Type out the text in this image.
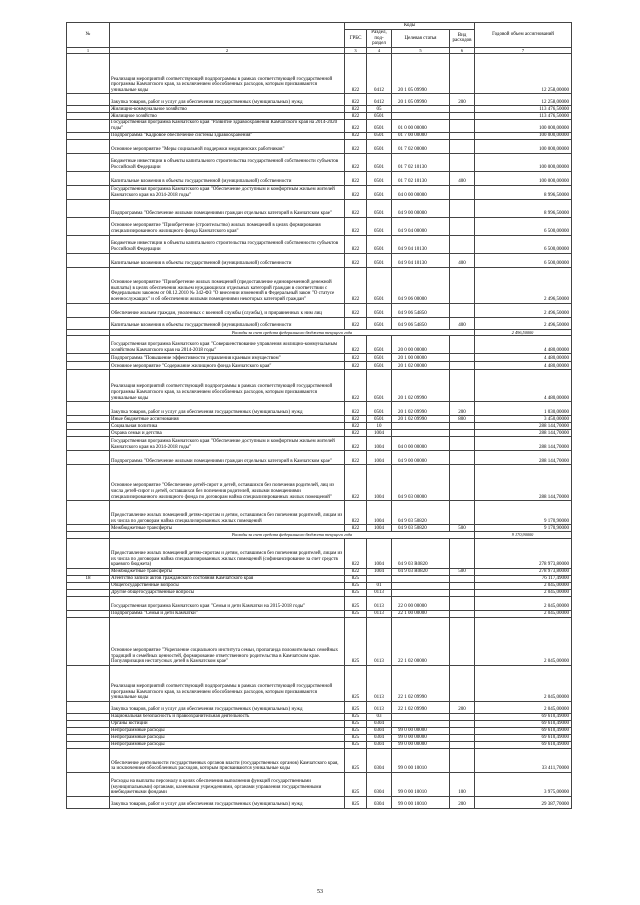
№		Коды				Годовой объем ассигнований
		ГРБС	Раздел, под-раздел	Целевая статья	Вид расходов	
1	2	3	4	5	6	7
	Реализация мероприятий соответствующей подпрограммы в рамках соответствующей государственной программы Камчатского края, за исключением обособленных расходов, которым присваиваются уникальные коды	822	0412	20 1 05 09990		12 258,00000
	Закупка товаров, работ и услуг для обеспечения государственных (муниципальных) нужд	822	0412	20 1 05 09990	200	12 258,00000
	Жилищно-коммунальное хозяйство	822	05			113 476,50000
	Жилищное хозяйство	822	0501			113 476,50000
	Государственная программа Камчатского края "Развитие здравоохранения Камчатского края на 2014-2020 годы"	822	0501	01 0 00 00000		100 000,00000
	Подпрограмма "Кадровое обеспечение системы здравоохранения"	822	0501	01 7 00 00000		100 000,00000
	Основное мероприятие "Меры социальной поддержки медицинских работников"	822	0501	01 7 02 00000		100 000,00000
	Бюджетные инвестиции в объекты капитального строительства государственной собственности субъектов Российской Федерации	822	0501	01 7 02 10130		100 000,00000
	Капитальные вложения в объекты государственной (муниципальной) собственности	822	0501	01 7 02 10130	400	100 000,00000
	Государственная программа Камчатского края "Обеспечение доступным и комфортным жильем жителей Камчатского края на 2014-2018 годы"	822	0501	04 0 00 00000		8 996,50000
	Подпрограмма "Обеспечение жилыми помещениями граждан отдельных категорий в Камчатском крае"	822	0501	04 9 00 00000		8 996,50000
	Основное мероприятие "Приобретение (строительство) жилых помещений в целях формирования специализированного жилищного фонда Камчатского края"	822	0501	04 9 04 00000		6 500,00000
	Бюджетные инвестиции в объекты капитального строительства государственной собственности субъектов Российской Федерации	822	0501	04 9 04 10130		6 500,00000
	Капитальные вложения в объекты государственной (муниципальной) собственности	822	0501	04 9 04 10130	400	6 500,00000
	Основное мероприятие "Приобретение жилых помещений (предоставление единовременной денежной выплаты) в целях обеспечения жильем нуждающихся отдельных категорий граждан в соответствии с Федеральным законом от 08.12.2010 № 342-ФЗ "О внесении изменений в Федеральный закон "О статусе военнослужащих" и об обеспечении жилыми помещениями некоторых категорий граждан"	822	0501	04 9 06 00000		2 496,50000
	Обеспечение жильем граждан, уволенных с военной службы (службы), и приравненных к ним лиц	822	0501	04 9 06 54850		2 496,50000
	Капитальные вложения в объекты государственной (муниципальной) собственности	822	0501	04 9 06 54850	400	2 496,50000
	Расходы за счет средств федерального бюджета текущего года					2 496,50000
	Государственная программа Камчатского края "Совершенствование управления жилищно-коммунальным хозяйством Камчатского края на 2014-2018 годы"	822	0501	20 0 00 00000		4 480,00000
	Подпрограмма "Повышение эффективности управления краевым имуществом"	822	0501	20 1 00 00000		4 480,00000
	Основное мероприятие "Содержание жилищного фонда Камчатского края"	822	0501	20 1 02 00000		4 480,00000
	Реализация мероприятий соответствующей подпрограммы в рамках соответствующей государственной программы Камчатского края, за исключением обособленных расходов, которым присваиваются уникальные коды	822	0501	20 1 02 09990		4 480,00000
	Закупка товаров, работ и услуг для обеспечения государственных (муниципальных) нужд	822	0501	20 1 02 09990	200	1 030,00000
	Иные бюджетные ассигнования	822	0501	20 1 02 09990	800	3 450,00000
	Социальная политика	822	10			288 144,70000
	Охрана семьи и детства	822	1004			288 144,70000
	Государственная программа Камчатского края "Обеспечение доступным и комфортным жильем жителей Камчатского края на 2014-2018 годы"	822	1004	04 0 00 00000		288 144,70000
	Подпрограмма "Обеспечение жилыми помещениями граждан отдельных категорий в Камчатском крае"	822	1004	04 9 00 00000		288 144,70000
	Основное мероприятие "Обеспечение детей-сирот и детей, оставшихся без попечения родителей, лиц из числа детей-сирот и детей, оставшихся без попечения родителей, жилыми помещениями специализированного жилищного фонда по договорам найма специализированных жилых помещений"	822	1004	04 9 03 00000		288 144,70000
	Предоставление жилых помещений детям-сиротам и детям, оставшимся без попечения родителей, лицам из их числа по договорам найма специализированных жилых помещений	822	1004	04 9 03 50820		9 170,90000
	Межбюджетные трансферты	822	1004	04 9 03 50820	500	9 170,90000
	Расходы за счет средств федерального бюджета текущего года					9 170,90000
	Предоставление жилых помещений детям-сиротам и детям, оставшимся без попечения родителей, лицам из их числа по договорам найма специализированных жилых помещений (софинансирование за счет средств краевого бюджета)	822	1004	04 9 03 R0820		278 973,80000
	Межбюджетные трансферты	822	1004	04 9 03 R0820	500	278 973,80000
18	Агентство записи актов гражданского состояния Камчатского края	825				76 117,49000
	Общегосударственные вопросы	825	01			2 045,00000
	Другие общегосударственные вопросы	825	0113			2 045,00000
	Государственная программа Камчатского края "Семья и дети Камчатки на 2015-2018 годы"	825	0113	22 0 00 00000		2 045,00000
	Подпрограмма "Семья и дети Камчатки"	825	0113	22 1 00 00000		2 045,00000
	Основное мероприятие "Укрепление социального института семьи, пропаганда положительных семейных традиций и семейных ценностей, формирование ответственного родительства в Камчатском крае. Популяризация нестатусных детей в Камчатском крае"	825	0113	22 1 02 00000		2 045,00000
	Реализация мероприятий соответствующей подпрограммы в рамках соответствующей государственной программы Камчатского края, за исключением обособленных расходов, которым присваиваются уникальные коды	825	0113	22 1 02 09990		2 045,00000
	Закупка товаров, работ и услуг для обеспечения государственных (муниципальных) нужд	825	0113	22 1 02 09990	200	2 045,00000
	Национальная безопасность и правоохранительная деятельность	825	03			69 610,49000
	Органы юстиции	825	0304			69 610,49000
	Непрограммные расходы	825	0304	99 0 00 00000		69 610,49000
	Непрограммные расходы	825	0304	99 0 00 00000		69 610,49000
	Непрограммные расходы	825	0304	99 0 00 00000		69 610,49000
	Обеспечение деятельности государственных органов власти (государственных органов) Камчатского края, за исключением обособленных расходов, которым присваиваются уникальные коды	825	0304	99 0 00 10010		33 411,70000
	Расходы на выплаты персоналу в целях обеспечения выполнения функций государственными (муниципальными) органами, казенными учреждениями, органами управления государственными внебюджетными фондами	825	0304	99 0 00 10010	100	3 975,00000
	Закупка товаров, работ и услуг для обеспечения государственных (муниципальных) нужд	825	0304	99 0 00 10010	200	29 387,70000
53
